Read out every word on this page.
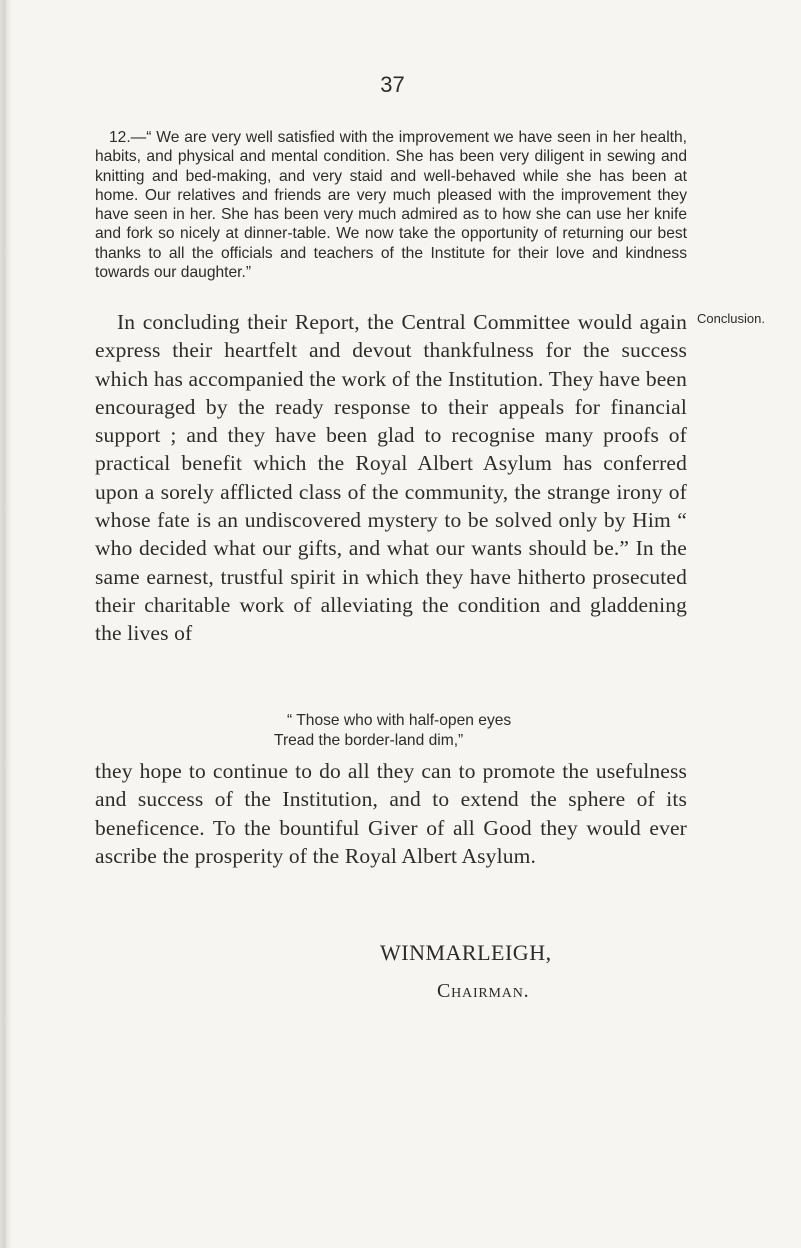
37

12.—“ We are very well satisfied with the improvement we have seen in her health, habits, and physical and mental condition. She has been very diligent in sewing and knitting and bed-making, and very staid and well-behaved while she has been at home. Our relatives and friends are very much pleased with the improvement they have seen in her. She has been very much admired as to how she can use her knife and fork so nicely at dinner-table. We now take the opportunity of returning our best thanks to all the officials and teachers of the Institute for their love and kindness towards our daughter.”

Conclusion.

In concluding their Report, the Central Committee would again express their heartfelt and devout thankfulness for the success which has accompanied the work of the Institution. They have been encouraged by the ready response to their appeals for financial support ; and they have been glad to recognise many proofs of practical benefit which the Royal Albert Asylum has conferred upon a sorely afflicted class of the community, the strange irony of whose fate is an undiscovered mystery to be solved only by Him “ who decided what our gifts, and what our wants should be.” In the same earnest, trustful spirit in which they have hitherto prosecuted their charitable work of alleviating the condition and gladdening the lives of

“ Those who with half-open eyes
Tread the border-land dim,”

they hope to continue to do all they can to promote the usefulness and success of the Institution, and to extend the sphere of its beneficence. To the bountiful Giver of all Good they would ever ascribe the prosperity of the Royal Albert Asylum.

WINMARLEIGH,
Chairman.
